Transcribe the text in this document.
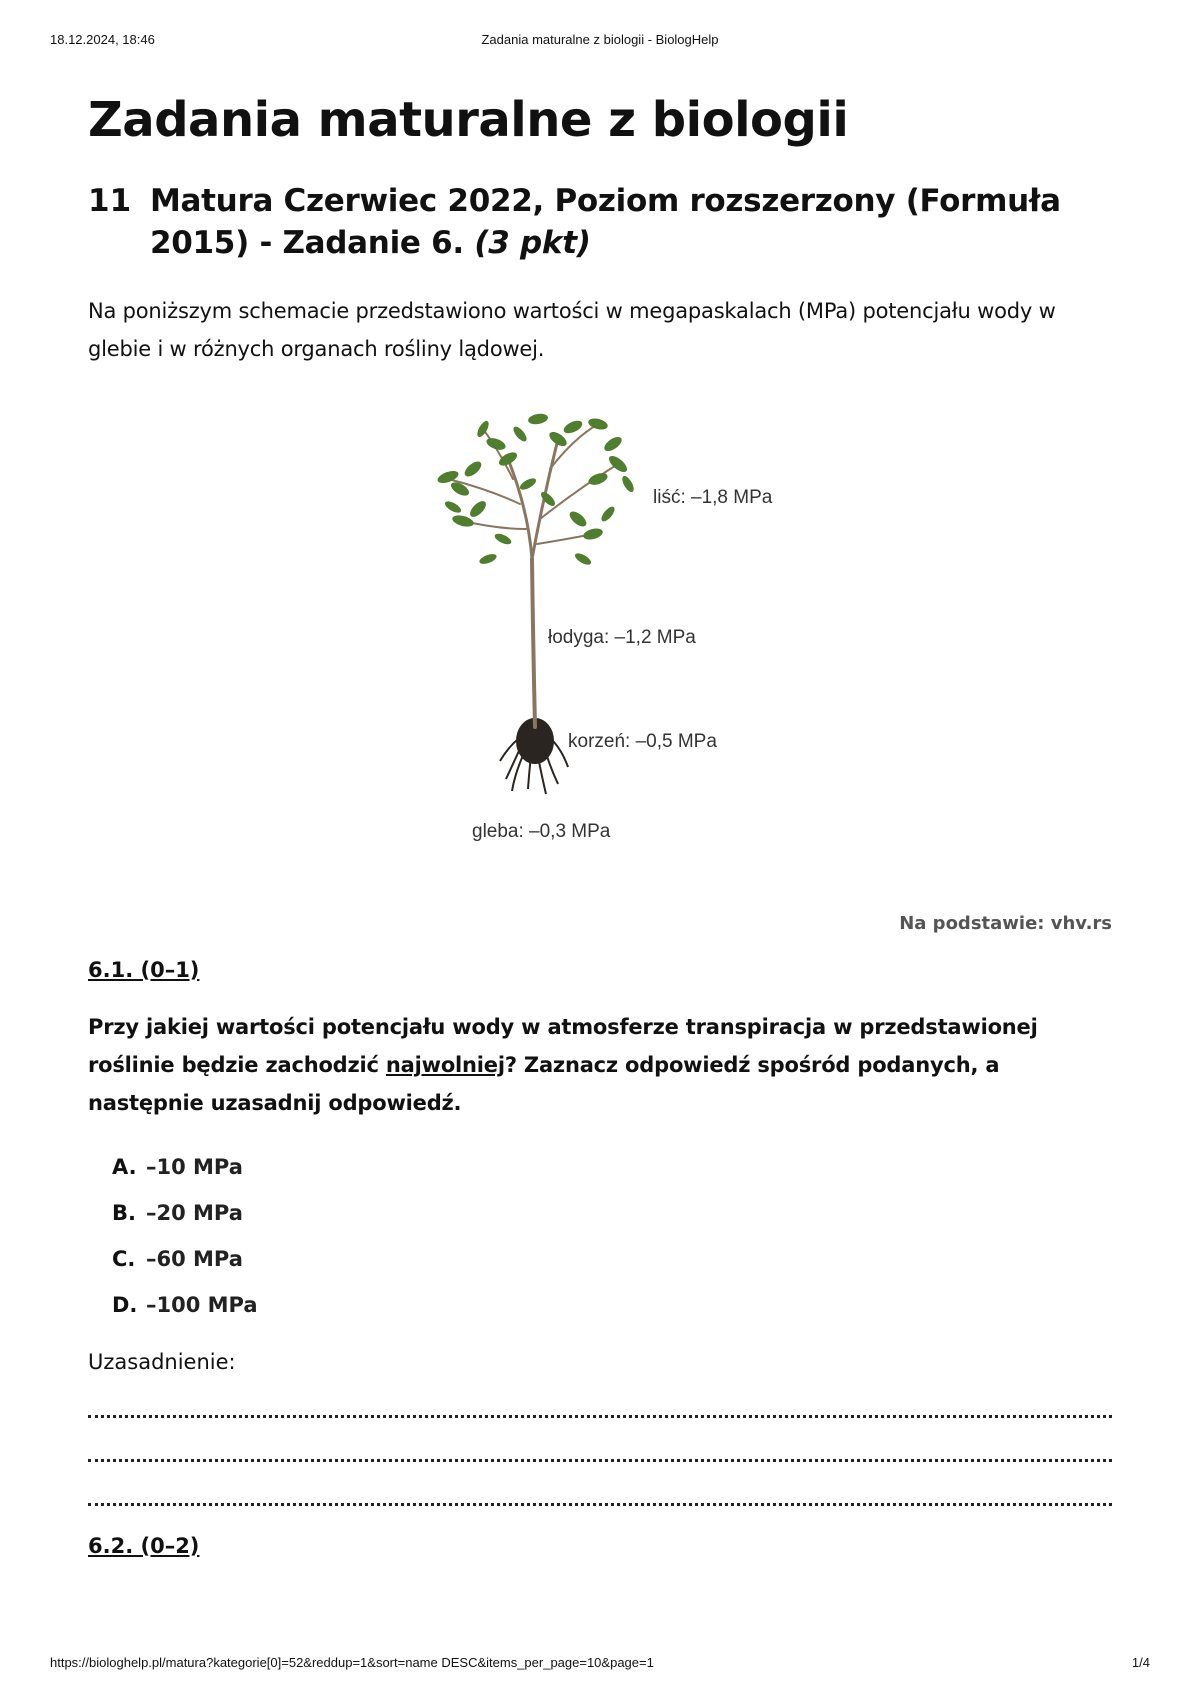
18.12.2024, 18:46	Zadania maturalne z biologii - BiologHelp
Zadania maturalne z biologii
11 Matura Czerwiec 2022, Poziom rozszerzony (Formuła 2015) - Zadanie 6. (3 pkt)

Na poniższym schemacie przedstawiono wartości w megapaskalach (MPa) potencjału wody w glebie i w różnych organach rośliny lądowej.

liść: –1,8 MPa
łodyga: –1,2 MPa
korzeń: –0,5 MPa
gleba: –0,3 MPa
Na podstawie: vhv.rs
6.1. (0–1)

Przy jakiej wartości potencjału wody w atmosferze transpiracja w przedstawionej roślinie będzie zachodzić najwolniej? Zaznacz odpowiedź spośród podanych, a następnie uzasadnij odpowiedź.

A. –10 MPa
B. –20 MPa
C. –60 MPa
D. –100 MPa
Uzasadnienie:
6.2. (0–2)
https://biologhelp.pl/matura?kategorie[0]=52&reddup=1&sort=name DESC&items_per_page=10&page=1	1/4
